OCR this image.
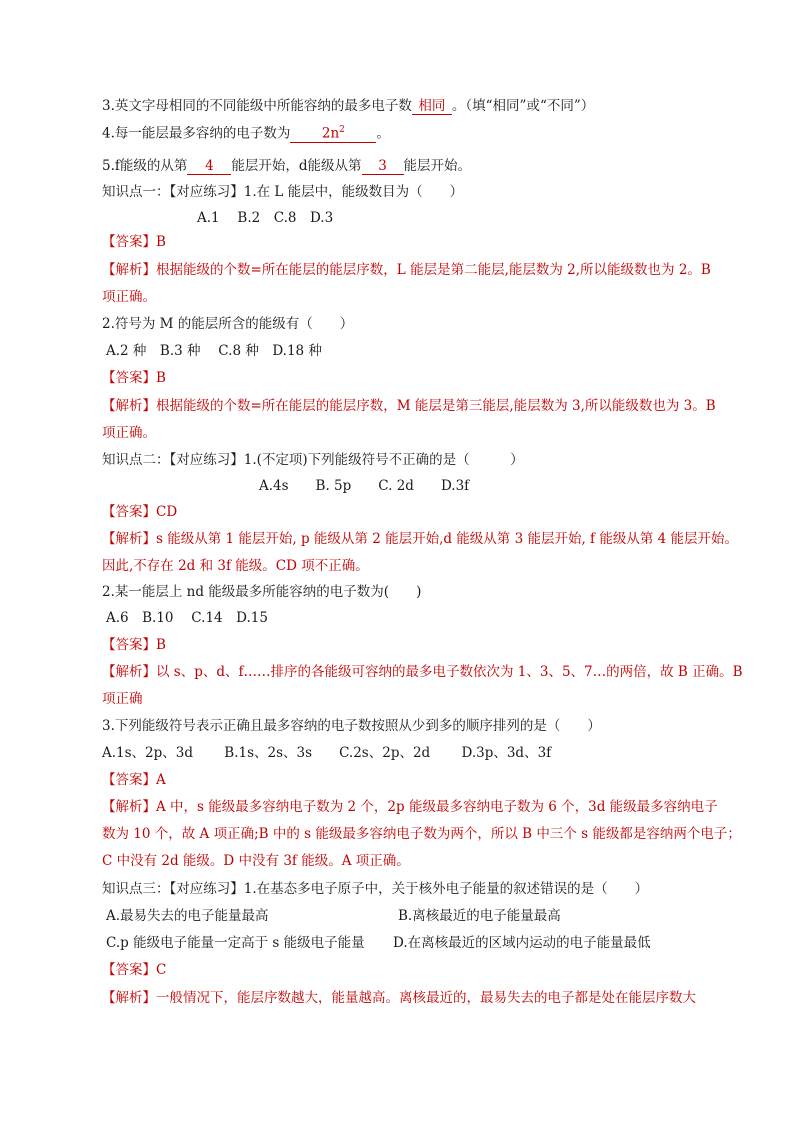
3.英文字母相同的不同能级中所能容纳的最多电子数 相同 。（填“相同”或“不同”）
4.每一能层最多容纳的电子数为 $2n^2$ 。
5.f能级的从第 4 能层开始，d能级从第 3 能层开始。
知识点一：【对应练习】1.在 L 能层中，能级数目为（　　）
A.1　 B.2　C.8　D.3
【答案】B
【解析】根据能级的个数=所在能层的能层序数，L 能层是第二能层,能层数为 2,所以能级数也为 2。B
项正确。
2.符号为 M 的能层所含的能级有（　　）
A.2 种　B.3 种　 C.8 种　D.18 种
【答案】B
【解析】根据能级的个数=所在能层的能层序数，M 能层是第三能层,能层数为 3,所以能级数也为 3。B
项正确。
知识点二：【对应练习】1.(不定项)下列能级符号不正确的是（　　　）
A.4s　　B. 5p　　C. 2d　　D.3f
【答案】CD
【解析】s 能级从第 1 能层开始, p 能级从第 2 能层开始,d 能级从第 3 能层开始, f 能级从第 4 能层开始。
因此,不存在 2d 和 3f 能级。CD 项不正确。
2.某一能层上 nd 能级最多所能容纳的电子数为(　　)
A.6　B.10　 C.14　D.15
【答案】B
【解析】以 s、p、d、f……排序的各能级可容纳的最多电子数依次为 1、3、5、7…的两倍，故 B 正确。B
项正确
3.下列能级符号表示正确且最多容纳的电子数按照从少到多的顺序排列的是（　　）
A.1s、2p、3d　　 B.1s、2s、3s　　C.2s、2p、2d　　 D.3p、3d、3f
【答案】A
【解析】A 中，s 能级最多容纳电子数为 2 个，2p 能级最多容纳电子数为 6 个，3d 能级最多容纳电子
数为 10 个，故 A 项正确;B 中的 s 能级最多容纳电子数为两个，所以 B 中三个 s 能级都是容纳两个电子；
C 中没有 2d 能级。D 中没有 3f 能级。A 项正确。
知识点三：【对应练习】1.在基态多电子原子中，关于核外电子能量的叙述错误的是（　　）
A.最易失去的电子能量最高	B.离核最近的电子能量最高
C.p 能级电子能量一定高于 s 能级电子能量 D.在离核最近的区域内运动的电子能量最低
【答案】C
【解析】一般情况下，能层序数越大，能量越高。离核最近的，最易失去的电子都是处在能层序数大
